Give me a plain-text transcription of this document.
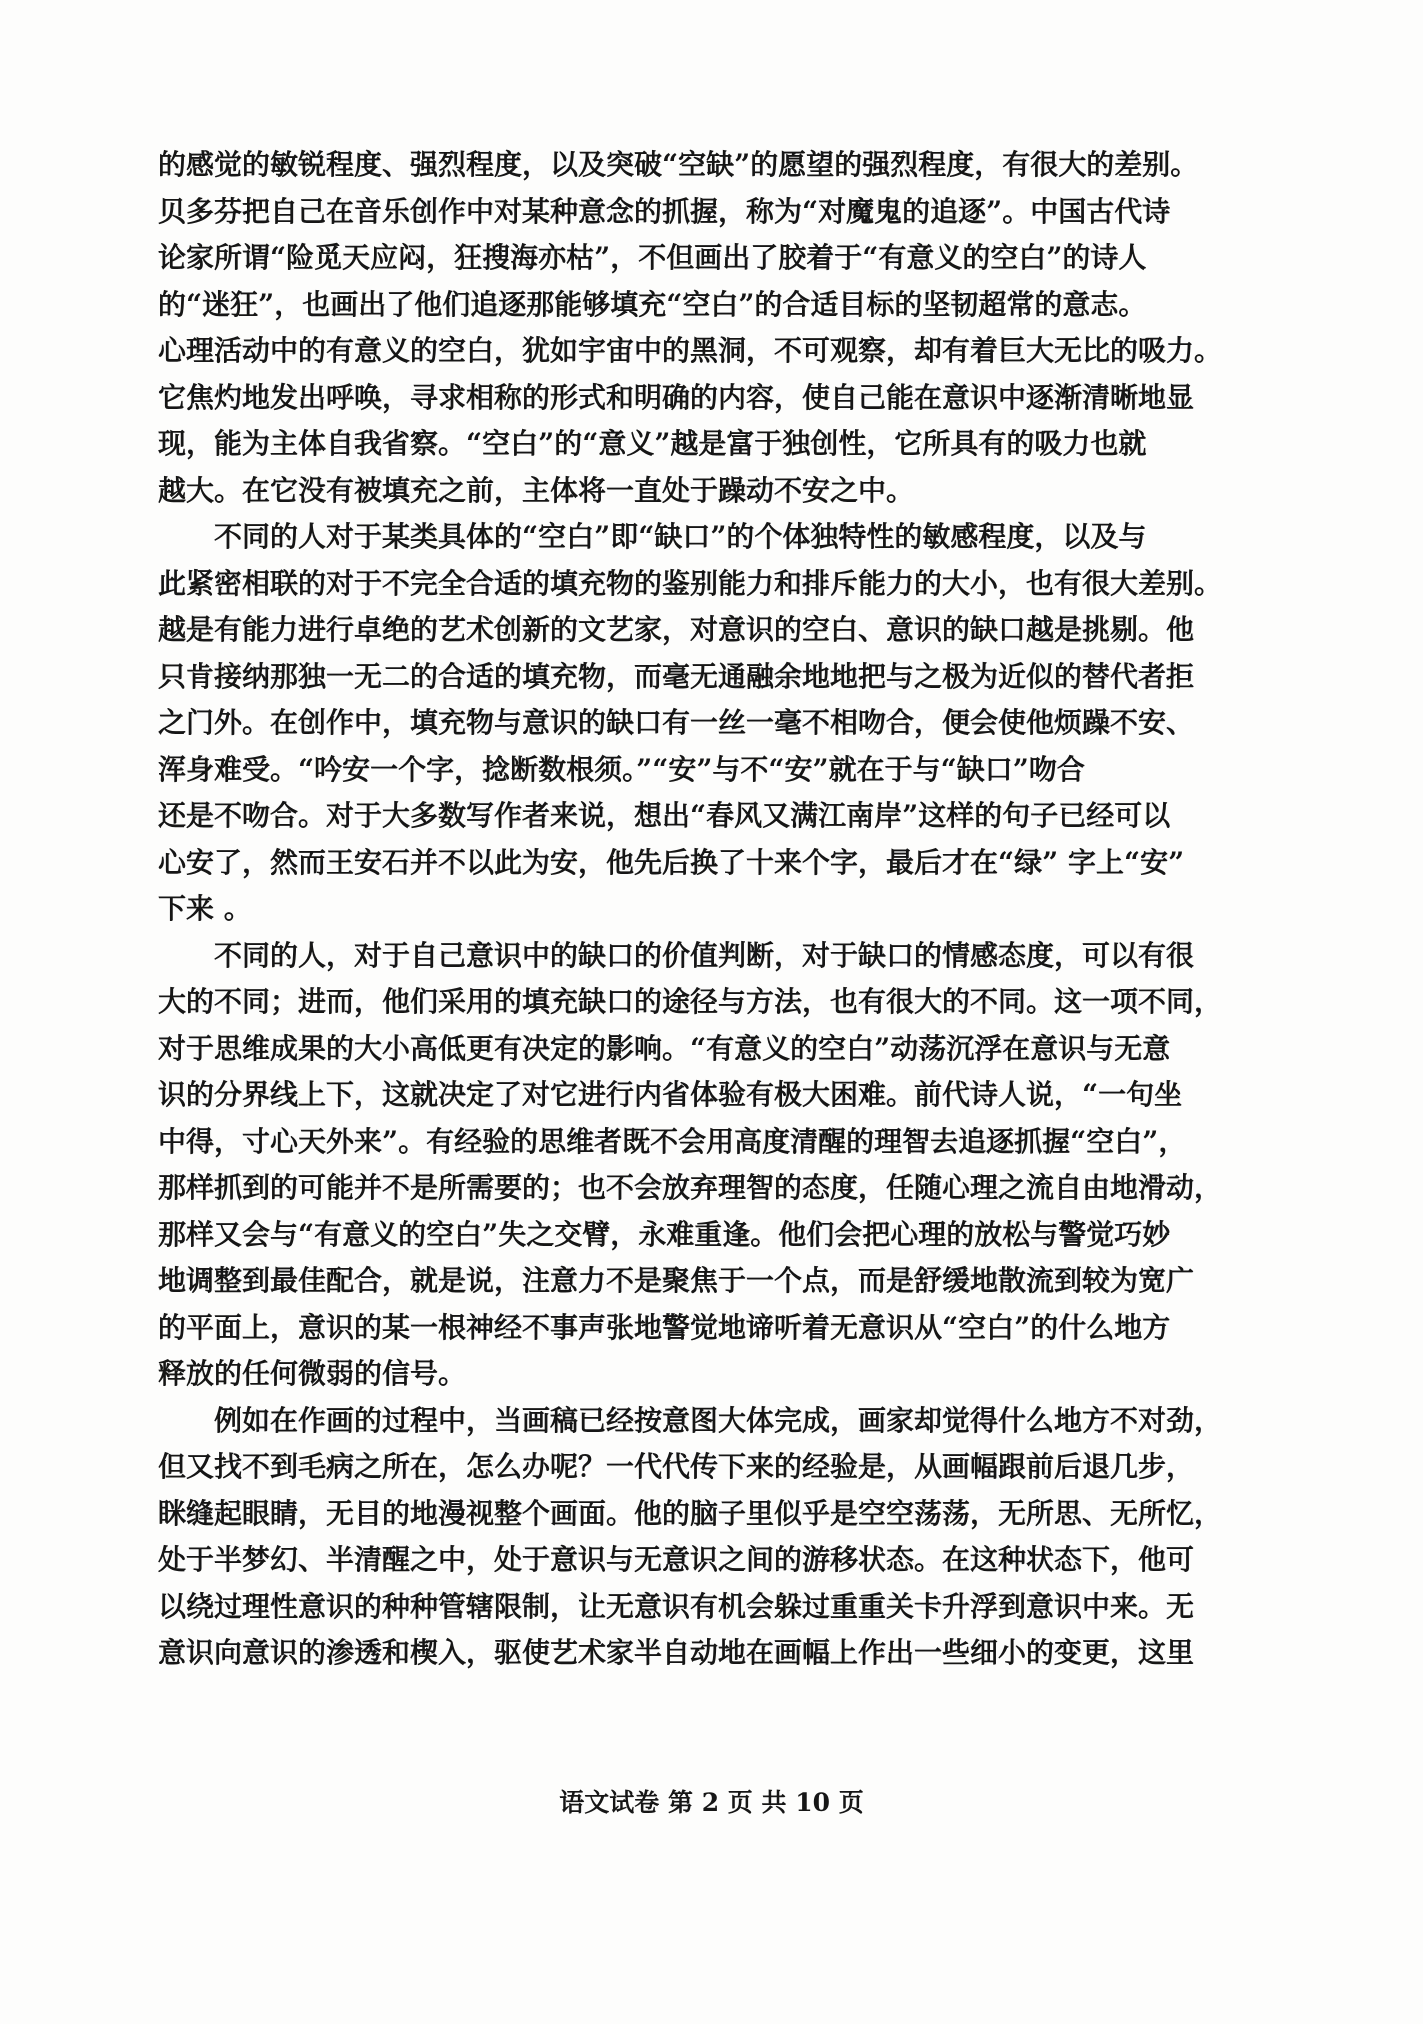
的感觉的敏锐程度、强烈程度，以及突破“空缺”的愿望的强烈程度，有很大的差别。
贝多芬把自己在音乐创作中对某种意念的抓握，称为“对魔鬼的追逐”。中国古代诗
论家所谓“险觅天应闷，狂搜海亦枯”，不但画出了胶着于“有意义的空白”的诗人
的“迷狂”，也画出了他们追逐那能够填充“空白”的合适目标的坚韧超常的意志。
心理活动中的有意义的空白，犹如宇宙中的黑洞，不可观察，却有着巨大无比的吸力。
它焦灼地发出呼唤，寻求相称的形式和明确的内容，使自己能在意识中逐渐清晰地显
现，能为主体自我省察。“空白”的“意义”越是富于独创性，它所具有的吸力也就
越大。在它没有被填充之前，主体将一直处于躁动不安之中。
　　不同的人对于某类具体的“空白”即“缺口”的个体独特性的敏感程度，以及与
此紧密相联的对于不完全合适的填充物的鉴别能力和排斥能力的大小，也有很大差别。
越是有能力进行卓绝的艺术创新的文艺家，对意识的空白、意识的缺口越是挑剔。他
只肯接纳那独一无二的合适的填充物，而毫无通融余地地把与之极为近似的替代者拒
之门外。在创作中，填充物与意识的缺口有一丝一毫不相吻合，便会使他烦躁不安、
浑身难受。“吟安一个字，捻断数根须。”“安”与不“安”就在于与“缺口”吻合
还是不吻合。对于大多数写作者来说，想出“春风又满江南岸”这样的句子已经可以
心安了，然而王安石并不以此为安，他先后换了十来个字，最后才在“绿” 字上“安”
下来 。
　　不同的人，对于自己意识中的缺口的价值判断，对于缺口的情感态度，可以有很
大的不同；进而，他们采用的填充缺口的途径与方法，也有很大的不同。这一项不同，
对于思维成果的大小高低更有决定的影响。“有意义的空白”动荡沉浮在意识与无意
识的分界线上下，这就决定了对它进行内省体验有极大困难。前代诗人说，“一句坐
中得，寸心天外来”。有经验的思维者既不会用高度清醒的理智去追逐抓握“空白”，
那样抓到的可能并不是所需要的；也不会放弃理智的态度，任随心理之流自由地滑动，
那样又会与“有意义的空白”失之交臂，永难重逢。他们会把心理的放松与警觉巧妙
地调整到最佳配合，就是说，注意力不是聚焦于一个点，而是舒缓地散流到较为宽广
的平面上，意识的某一根神经不事声张地警觉地谛听着无意识从“空白”的什么地方
释放的任何微弱的信号。
　　例如在作画的过程中，当画稿已经按意图大体完成，画家却觉得什么地方不对劲，
但又找不到毛病之所在，怎么办呢？一代代传下来的经验是，从画幅跟前后退几步，
眯缝起眼睛，无目的地漫视整个画面。他的脑子里似乎是空空荡荡，无所思、无所忆，
处于半梦幻、半清醒之中，处于意识与无意识之间的游移状态。在这种状态下，他可
以绕过理性意识的种种管辖限制，让无意识有机会躲过重重关卡升浮到意识中来。无
意识向意识的渗透和楔入，驱使艺术家半自动地在画幅上作出一些细小的变更，这里
语文试卷 第 2 页 共 10 页
